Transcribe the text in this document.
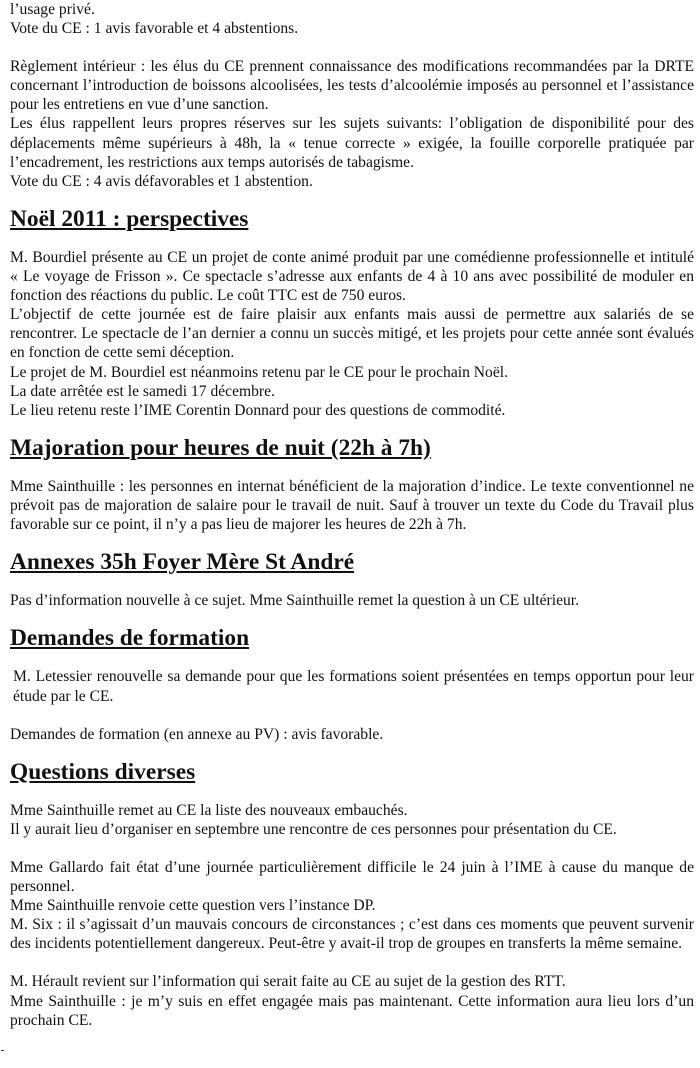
l’usage privé.

Vote du CE : 1 avis favorable et 4 abstentions.

Règlement intérieur : les élus du CE prennent connaissance des modifications recommandées par la DRTE concernant l’introduction de boissons alcoolisées, les tests d’alcoolémie imposés au personnel et l’assistance pour les entretiens en vue d’une sanction.

Les élus rappellent leurs propres réserves sur les sujets suivants: l’obligation de disponibilité pour des déplacements même supérieurs à 48h, la « tenue correcte » exigée, la fouille corporelle pratiquée par l’encadrement, les restrictions aux temps autorisés de tabagisme.

Vote du CE : 4 avis défavorables et 1 abstention.

Noël 2011 : perspectives

M. Bourdiel présente au CE un projet de conte animé produit par une comédienne professionnelle et intitulé « Le voyage de Frisson ». Ce spectacle s’adresse aux enfants de 4 à 10 ans avec possibilité de moduler en fonction des réactions du public. Le coût TTC est de 750 euros.

L’objectif de cette journée est de faire plaisir aux enfants mais aussi de permettre aux salariés de se rencontrer. Le spectacle de l’an dernier a connu un succès mitigé, et les projets pour cette année sont évalués en fonction de cette semi déception.

Le projet de M. Bourdiel est néanmoins retenu par le CE pour le prochain Noël.

La date arrêtée est le samedi 17 décembre.

Le lieu retenu reste l’IME Corentin Donnard pour des questions de commodité.

Majoration pour heures de nuit (22h à 7h)

Mme Sainthuille : les personnes en internat bénéficient de la majoration d’indice. Le texte conventionnel ne prévoit pas de majoration de salaire pour le travail de nuit. Sauf à trouver un texte du Code du Travail plus favorable sur ce point, il n’y a pas lieu de majorer les heures de 22h à 7h.

Annexes 35h Foyer Mère St André

Pas d’information nouvelle à ce sujet. Mme Sainthuille remet la question à un CE ultérieur.

Demandes de formation

M. Letessier renouvelle sa demande pour que les formations soient présentées en temps opportun pour leur étude par le CE.

Demandes de formation (en annexe au PV) : avis favorable.

Questions diverses

Mme Sainthuille remet au CE la liste des nouveaux embauchés.

Il y aurait lieu d’organiser en septembre une rencontre de ces personnes pour présentation du CE.

Mme Gallardo fait état d’une journée particulièrement difficile le 24 juin à l’IME à cause du manque de personnel.

Mme Sainthuille renvoie cette question vers l’instance DP.

M. Six : il s’agissait d’un mauvais concours de circonstances ; c’est dans ces moments que peuvent survenir des incidents potentiellement dangereux. Peut-être y avait-il trop de groupes en transferts la même semaine.

M. Hérault revient sur l’information qui serait faite au CE au sujet de la gestion des RTT.

Mme Sainthuille : je m’y suis en effet engagée mais pas maintenant. Cette information aura lieu lors d’un prochain CE.
